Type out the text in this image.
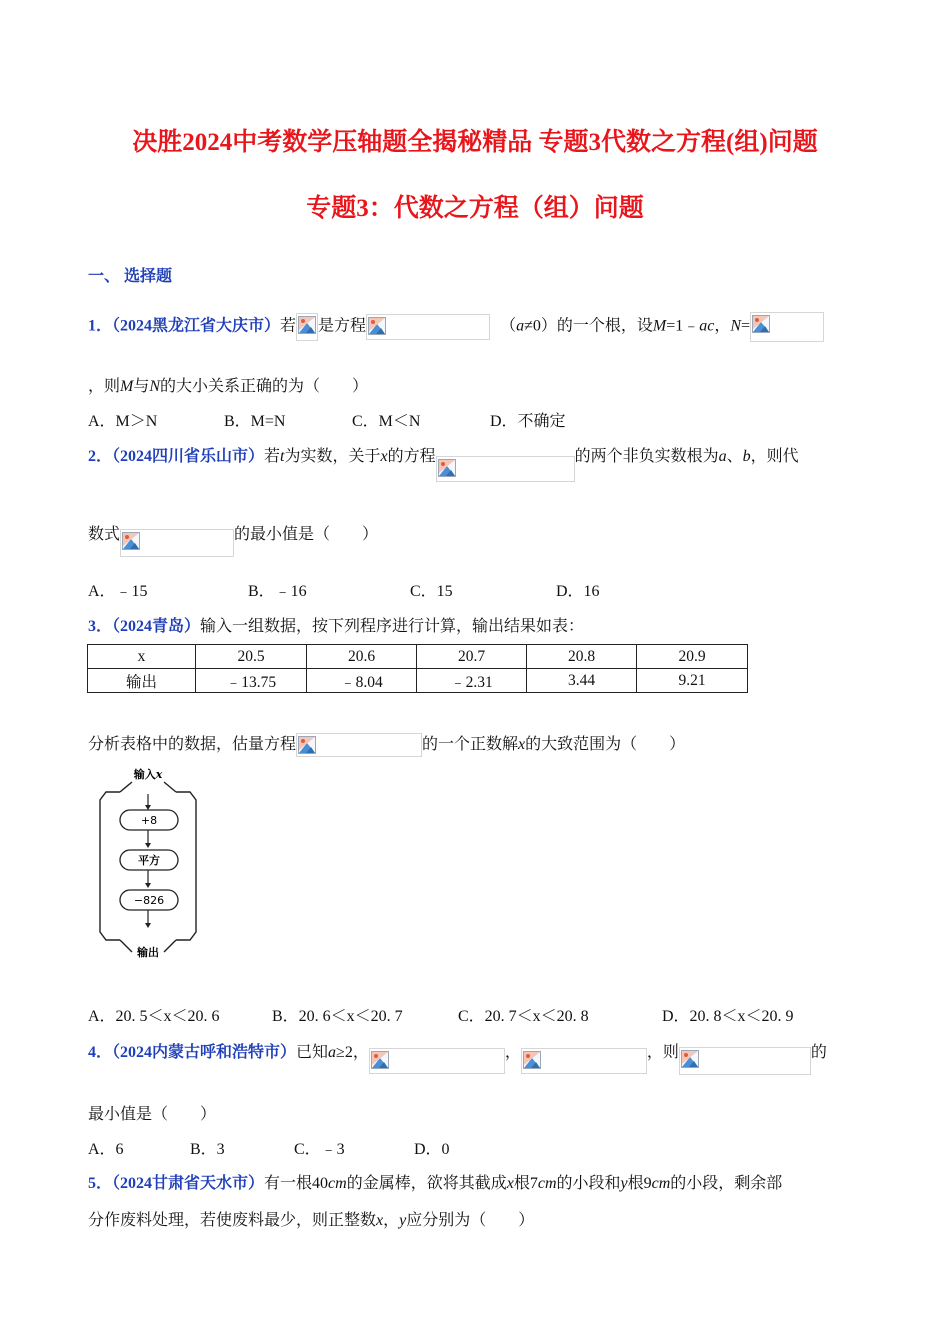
决胜2024中考数学压轴题全揭秘精品 专题3代数之方程(组)问题
专题3：代数之方程（组）问题
一、 选择题
1．（2024黑龙江省大庆市）若 是方程	（a≠0）的一个根，设M=1﹣ac，N=
，则M与N的大小关系正确的为（　　）
A．M＞N	B．M=N	C．M＜N	D．不确定
2．（2024四川省乐山市）若t为实数，关于x的方程	的两个非负实数根为a、b，则代
数式	的最小值是（　　）
A．﹣15	B．﹣16	C．15	D．16
3．（2024青岛）输入一组数据，按下列程序进行计算，输出结果如表：
x	20.5	20.6	20.7	20.8	20.9
输出	﹣13.75	﹣8.04	﹣2.31	3.44	9.21
分析表格中的数据，估量方程	的一个正数解x的大致范围为（　　）
输入x
+8
平方
−826
输出
A．20. 5＜x＜20. 6	B．20. 6＜x＜20. 7	C．20. 7＜x＜20. 8	D．20. 8＜x＜20. 9
4．（2024内蒙古呼和浩特市）已知a≥2，	，	，则	的
最小值是（　　）
A．6	B．3	C．﹣3	D．0
5．（2024甘肃省天水市）有一根40cm的金属棒，欲将其截成x根7cm的小段和y根9cm的小段，剩余部
分作废料处理，若使废料最少，则正整数x，y应分别为（　　）
